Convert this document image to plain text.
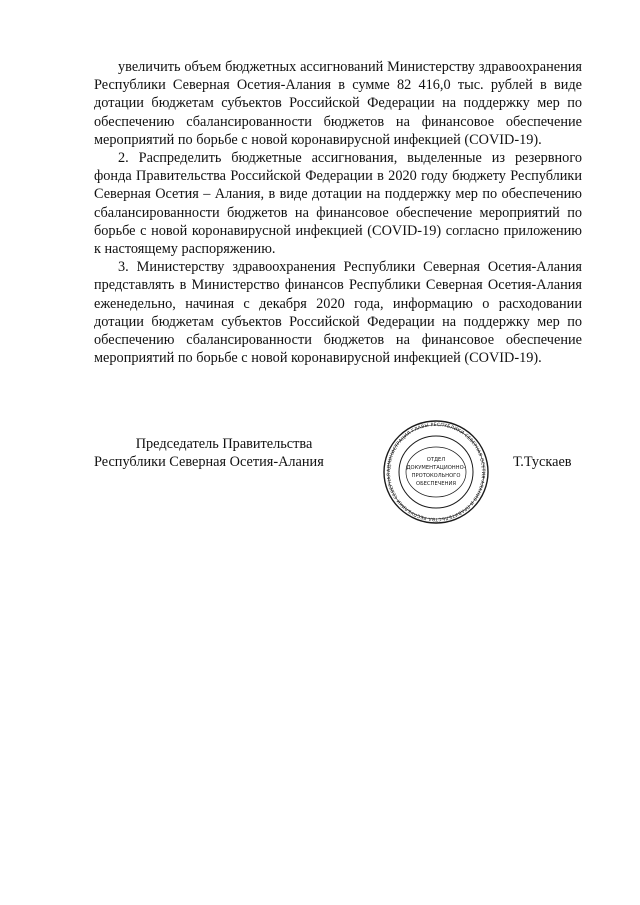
увеличить объем бюджетных ассигнований Министерству здравоохранения Республики Северная Осетия-Алания в сумме 82 416,0 тыс. рублей в виде дотации бюджетам субъектов Российской Федерации на поддержку мер по обеспечению сбалансированности бюджетов на финансовое обеспечение мероприятий по борьбе с новой коронавирусной инфекцией (COVID-19).

2. Распределить бюджетные ассигнования, выделенные из резервного фонда Правительства Российской Федерации в 2020 году бюджету Республики Северная Осетия – Алания, в виде дотации на поддержку мер по обеспечению сбалансированности бюджетов на финансовое обеспечение мероприятий по борьбе с новой коронавирусной инфекцией (COVID-19) согласно приложению к настоящему распоряжению.

3. Министерству здравоохранения Республики Северная Осетия-Алания представлять в Министерство финансов Республики Северная Осетия-Алания еженедельно, начиная с декабря 2020 года, информацию о расходовании дотации бюджетам субъектов Российской Федерации на поддержку мер по обеспечению сбалансированности бюджетов на финансовое обеспечение мероприятий по борьбе с новой коронавирусной инфекцией (COVID-19).

Председатель Правительства
Республики Северная Осетия-Алания
АДМИНИСТРАЦИЯ ГЛАВЫ РЕСПУБЛИКИ СЕВЕРНАЯ ОСЕТИЯ-АЛАНИЯ И ПРАВИТЕЛЬСТВА РЕСПУБЛИКИ СЕВЕРНАЯ
ОТДЕЛ
ДОКУМЕНТАЦИОННО-
ПРОТОКОЛЬНОГО
ОБЕСПЕЧЕНИЯ
Т.Тускаев
